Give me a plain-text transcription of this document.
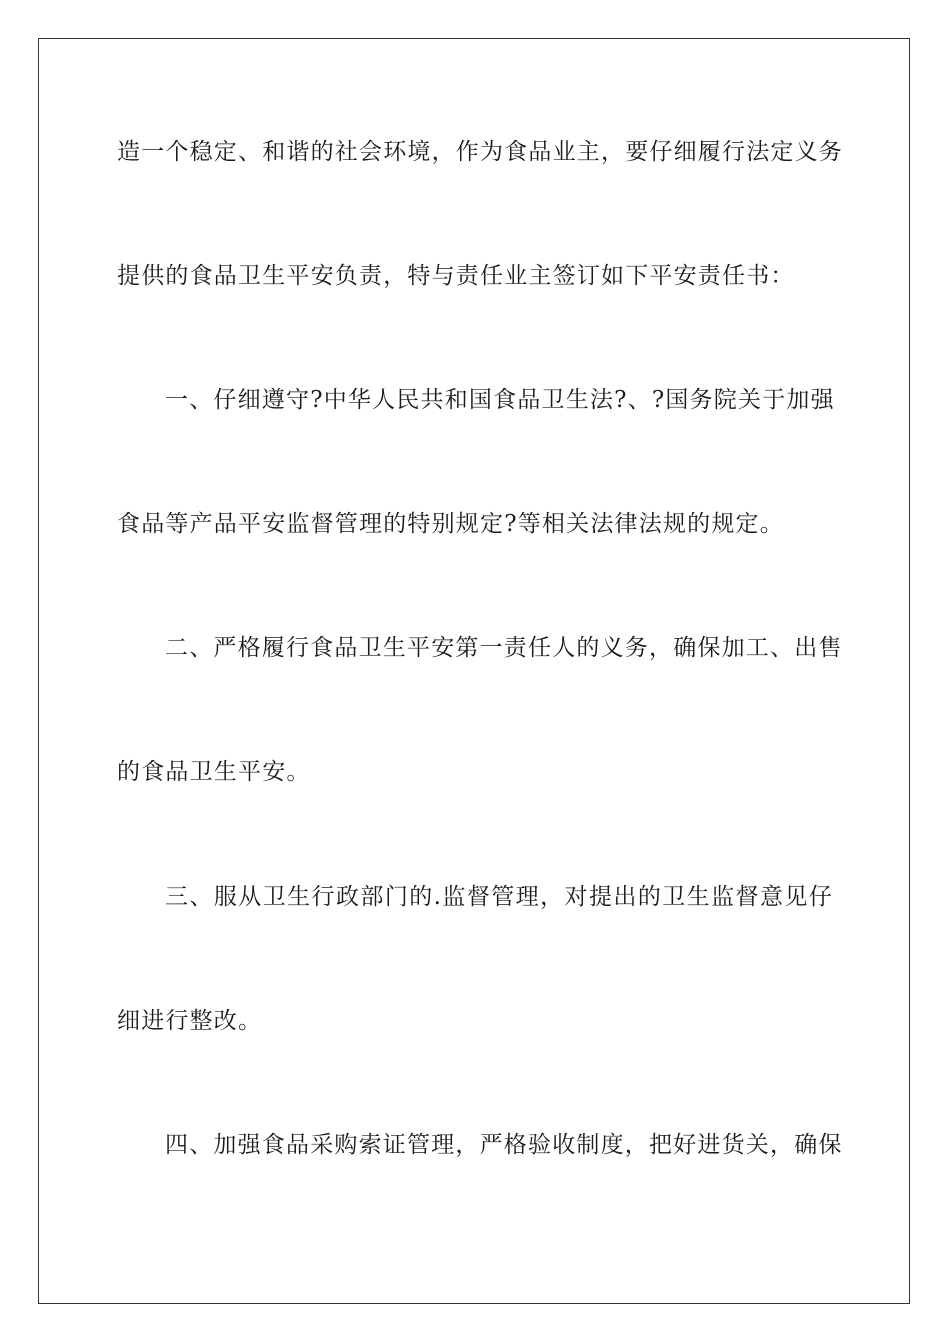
造一个稳定、和谐的社会环境，作为食品业主，要仔细履行法定义务
提供的食品卫生平安负责，特与责任业主签订如下平安责任书：
一、仔细遵守?中华人民共和国食品卫生法?、?国务院关于加强
食品等产品平安监督管理的特别规定?等相关法律法规的规定。
二、严格履行食品卫生平安第一责任人的义务，确保加工、出售
的食品卫生平安。
三、服从卫生行政部门的.监督管理，对提出的卫生监督意见仔
细进行整改。
四、加强食品采购索证管理，严格验收制度，把好进货关，确保
